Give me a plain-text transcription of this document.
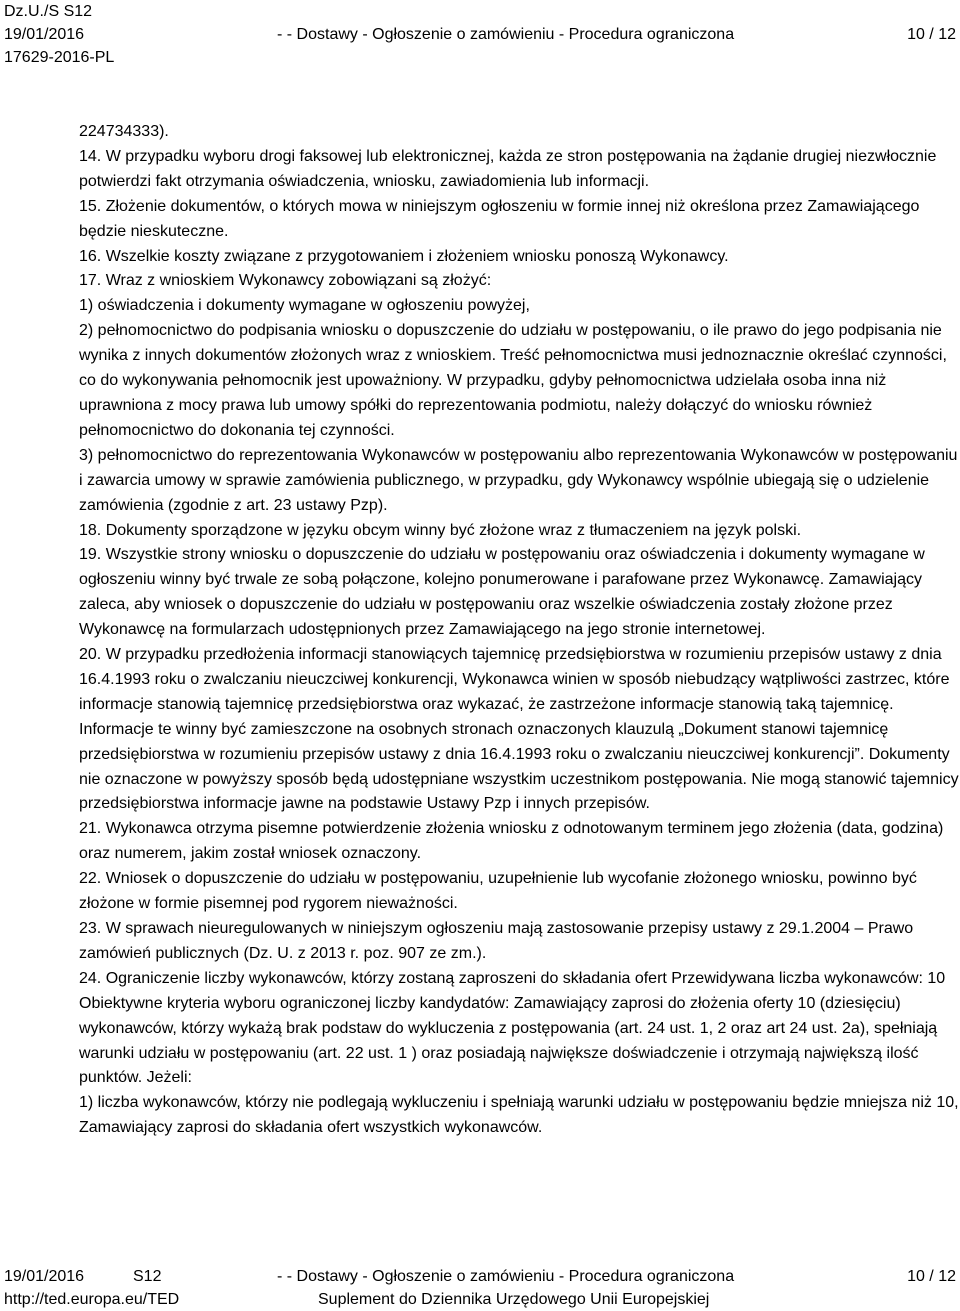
Dz.U./S S12
19/01/2016	- - Dostawy - Ogłoszenie o zamówieniu - Procedura ograniczona	10 / 12
17629-2016-PL

224734333).

14. W przypadku wyboru drogi faksowej lub elektronicznej, każda ze stron postępowania na żądanie drugiej niezwłocznie potwierdzi fakt otrzymania oświadczenia, wniosku, zawiadomienia lub informacji.

15. Złożenie dokumentów, o których mowa w niniejszym ogłoszeniu w formie innej niż określona przez Zamawiającego będzie nieskuteczne.

16. Wszelkie koszty związane z przygotowaniem i złożeniem wniosku ponoszą Wykonawcy.

17. Wraz z wnioskiem Wykonawcy zobowiązani są złożyć:

1) oświadczenia i dokumenty wymagane w ogłoszeniu powyżej,

2) pełnomocnictwo do podpisania wniosku o dopuszczenie do udziału w postępowaniu, o ile prawo do jego podpisania nie wynika z innych dokumentów złożonych wraz z wnioskiem. Treść pełnomocnictwa musi jednoznacznie określać czynności, co do wykonywania pełnomocnik jest upoważniony. W przypadku, gdyby pełnomocnictwa udzielała osoba inna niż uprawniona z mocy prawa lub umowy spółki do reprezentowania podmiotu, należy dołączyć do wniosku również pełnomocnictwo do dokonania tej czynności.

3) pełnomocnictwo do reprezentowania Wykonawców w postępowaniu albo reprezentowania Wykonawców w postępowaniu i zawarcia umowy w sprawie zamówienia publicznego, w przypadku, gdy Wykonawcy wspólnie ubiegają się o udzielenie zamówienia (zgodnie z art. 23 ustawy Pzp).

18. Dokumenty sporządzone w języku obcym winny być złożone wraz z tłumaczeniem na język polski.

19. Wszystkie strony wniosku o dopuszczenie do udziału w postępowaniu oraz oświadczenia i dokumenty wymagane w ogłoszeniu winny być trwale ze sobą połączone, kolejno ponumerowane i parafowane przez Wykonawcę. Zamawiający zaleca, aby wniosek o dopuszczenie do udziału w postępowaniu oraz wszelkie oświadczenia zostały złożone przez Wykonawcę na formularzach udostępnionych przez Zamawiającego na jego stronie internetowej.

20. W przypadku przedłożenia informacji stanowiących tajemnicę przedsiębiorstwa w rozumieniu przepisów ustawy z dnia 16.4.1993 roku o zwalczaniu nieuczciwej konkurencji, Wykonawca winien w sposób niebudzący wątpliwości zastrzec, które informacje stanowią tajemnicę przedsiębiorstwa oraz wykazać, że zastrzeżone informacje stanowią taką tajemnicę. Informacje te winny być zamieszczone na osobnych stronach oznaczonych klauzulą „Dokument stanowi tajemnicę przedsiębiorstwa w rozumieniu przepisów ustawy z dnia 16.4.1993 roku o zwalczaniu nieuczciwej konkurencji”. Dokumenty nie oznaczone w powyższy sposób będą udostępniane wszystkim uczestnikom postępowania. Nie mogą stanowić tajemnicy przedsiębiorstwa informacje jawne na podstawie Ustawy Pzp i innych przepisów.

21. Wykonawca otrzyma pisemne potwierdzenie złożenia wniosku z odnotowanym terminem jego złożenia (data, godzina) oraz numerem, jakim został wniosek oznaczony.

22. Wniosek o dopuszczenie do udziału w postępowaniu, uzupełnienie lub wycofanie złożonego wniosku, powinno być złożone w formie pisemnej pod rygorem nieważności.

23. W sprawach nieuregulowanych w niniejszym ogłoszeniu mają zastosowanie przepisy ustawy z 29.1.2004 – Prawo zamówień publicznych (Dz. U. z 2013 r. poz. 907 ze zm.).

24. Ograniczenie liczby wykonawców, którzy zostaną zaproszeni do składania ofert Przewidywana liczba wykonawców: 10

Obiektywne kryteria wyboru ograniczonej liczby kandydatów: Zamawiający zaprosi do złożenia oferty 10 (dziesięciu) wykonawców, którzy wykażą brak podstaw do wykluczenia z postępowania (art. 24 ust. 1, 2 oraz art 24 ust. 2a), spełniają warunki udziału w postępowaniu (art. 22 ust. 1 ) oraz posiadają największe doświadczenie i otrzymają największą ilość punktów. Jeżeli:

1) liczba wykonawców, którzy nie podlegają wykluczeniu i spełniają warunki udziału w postępowaniu będzie mniejsza niż 10, Zamawiający zaprosi do składania ofert wszystkich wykonawców.

19/01/2016	S12	- - Dostawy - Ogłoszenie o zamówieniu - Procedura ograniczona	10 / 12
http://ted.europa.eu/TED	Suplement do Dziennika Urzędowego Unii Europejskiej
